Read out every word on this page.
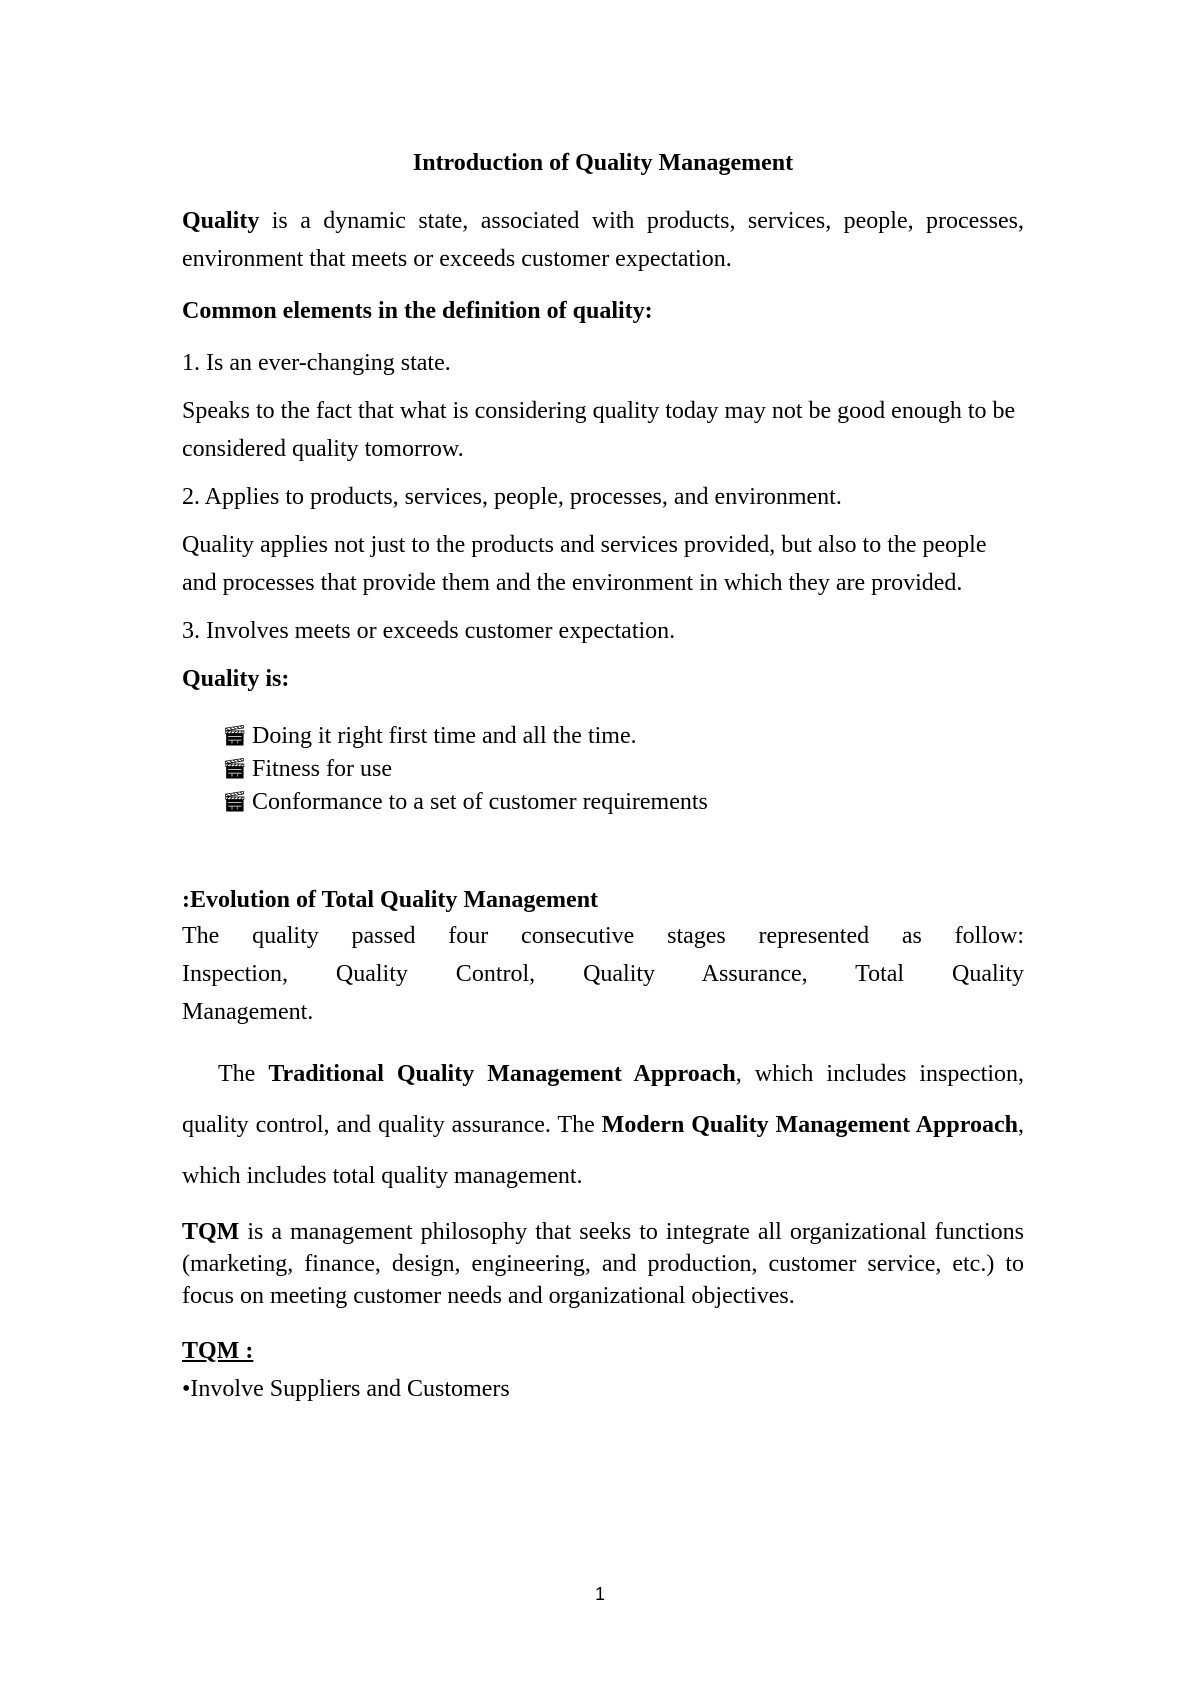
Introduction of Quality Management

Quality is a dynamic state, associated with products, services, people, processes, environment that meets or exceeds customer expectation.

Common elements in the definition of quality:

1. Is an ever-changing state.

Speaks to the fact that what is considering quality today may not be good enough to be considered quality tomorrow.

2. Applies to products, services, people, processes, and environment.

Quality applies not just to the products and services provided, but also to the people and processes that provide them and the environment in which they are provided.

3. Involves meets or exceeds customer expectation.

Quality is:

🎬︎ Doing it right first time and all the time.
🎬︎ Fitness for use
🎬︎ Conformance to a set of customer requirements

:Evolution of Total Quality Management

The quality passed four consecutive stages represented as follow:

Inspection, Quality Control, Quality Assurance, Total Quality

Management.

The Traditional Quality Management Approach, which includes inspection, quality control, and quality assurance. The Modern Quality Management Approach, which includes total quality management.

TQM is a management philosophy that seeks to integrate all organizational functions (marketing, finance, design, engineering, and production, customer service, etc.) to focus on meeting customer needs and organizational objectives.

TQM :

•Involve Suppliers and Customers

1
